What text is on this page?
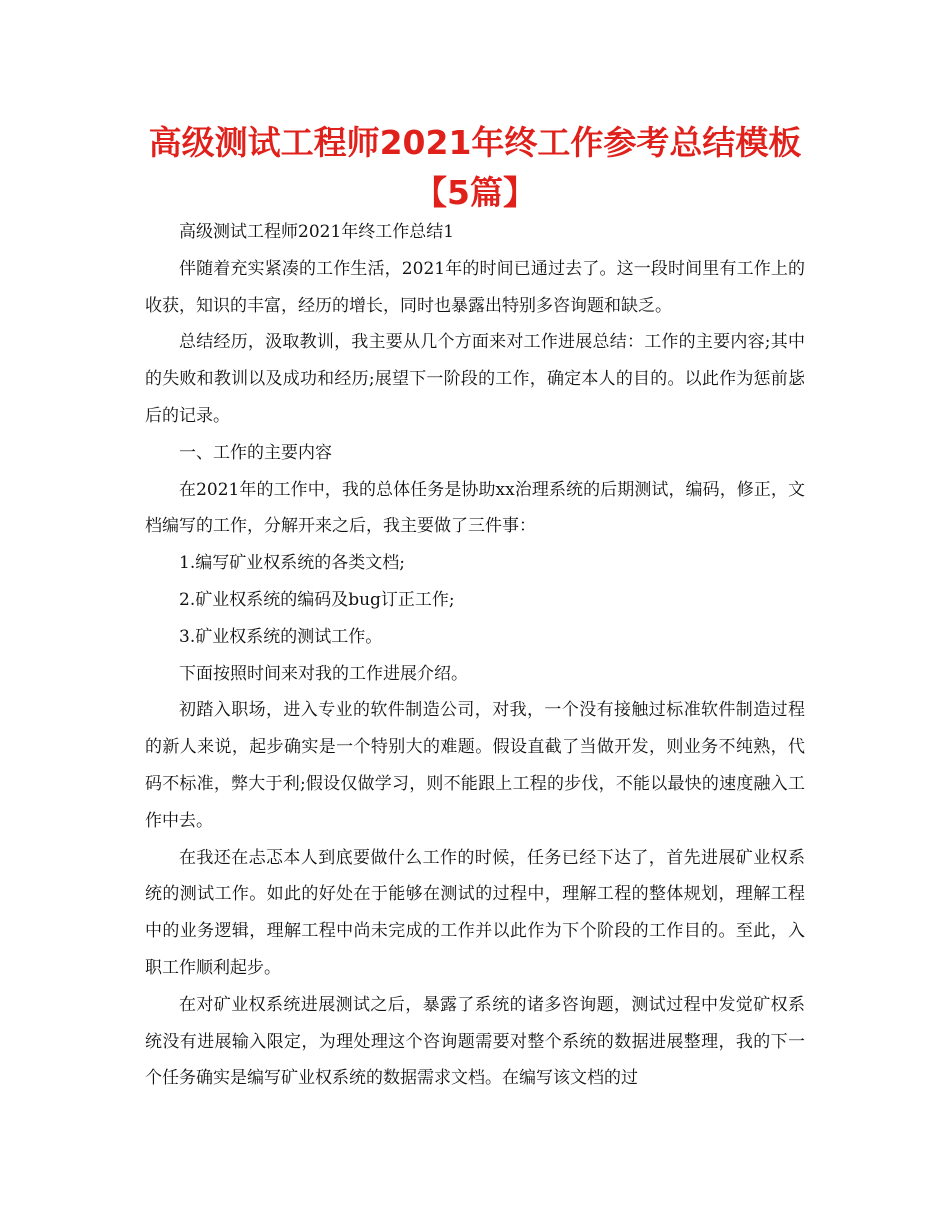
高级测试工程师2021年终工作参考总结模板【5篇】

高级测试工程师2021年终工作总结1

伴随着充实紧凑的工作生活，2021年的时间已通过去了。这一段时间里有工作上的收获，知识的丰富，经历的增长，同时也暴露出特别多咨询题和缺乏。

总结经历，汲取教训，我主要从几个方面来对工作进展总结：工作的主要内容;其中的失败和教训以及成功和经历;展望下一阶段的工作，确定本人的目的。以此作为惩前毖后的记录。

一、工作的主要内容

在2021年的工作中，我的总体任务是协助xx治理系统的后期测试，编码，修正，文档编写的工作，分解开来之后，我主要做了三件事：

1.编写矿业权系统的各类文档;

2.矿业权系统的编码及bug订正工作;

3.矿业权系统的测试工作。

下面按照时间来对我的工作进展介绍。

初踏入职场，进入专业的软件制造公司，对我，一个没有接触过标准软件制造过程的新人来说，起步确实是一个特别大的难题。假设直截了当做开发，则业务不纯熟，代码不标准，弊大于利;假设仅做学习，则不能跟上工程的步伐，不能以最快的速度融入工作中去。

在我还在忐忑本人到底要做什么工作的时候，任务已经下达了，首先进展矿业权系统的测试工作。如此的好处在于能够在测试的过程中，理解工程的整体规划，理解工程中的业务逻辑，理解工程中尚未完成的工作并以此作为下个阶段的工作目的。至此，入职工作顺利起步。

在对矿业权系统进展测试之后，暴露了系统的诸多咨询题，测试过程中发觉矿权系统没有进展输入限定，为理处理这个咨询题需要对整个系统的数据进展整理，我的下一个任务确实是编写矿业权系统的数据需求文档。在编写该文档的过
